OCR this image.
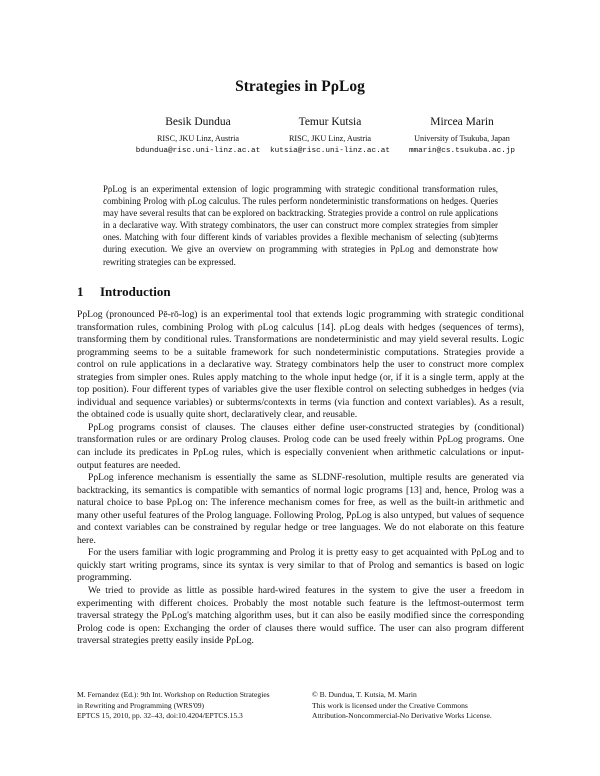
Strategies in PρLog
Besik Dundua
RISC, JKU Linz, Austria
bdundua@risc.uni-linz.ac.at
Temur Kutsia
RISC, JKU Linz, Austria
kutsia@risc.uni-linz.ac.at
Mircea Marin
University of Tsukuba, Japan
mmarin@cs.tsukuba.ac.jp
PρLog is an experimental extension of logic programming with strategic conditional transformation rules, combining Prolog with ρLog calculus. The rules perform nondeterministic transformations on hedges. Queries may have several results that can be explored on backtracking. Strategies provide a control on rule applications in a declarative way. With strategy combinators, the user can construct more complex strategies from simpler ones. Matching with four different kinds of variables provides a flexible mechanism of selecting (sub)terms during execution. We give an overview on programming with strategies in PρLog and demonstrate how rewriting strategies can be expressed.
1 Introduction

PρLog (pronounced Pē-rō-log) is an experimental tool that extends logic programming with strategic conditional transformation rules, combining Prolog with ρLog calculus [14]. ρLog deals with hedges (sequences of terms), transforming them by conditional rules. Transformations are nondeterministic and may yield several results. Logic programming seems to be a suitable framework for such nondeterministic computations. Strategies provide a control on rule applications in a declarative way. Strategy combinators help the user to construct more complex strategies from simpler ones. Rules apply matching to the whole input hedge (or, if it is a single term, apply at the top position). Four different types of variables give the user flexible control on selecting subhedges in hedges (via individual and sequence variables) or subterms/contexts in terms (via function and context variables). As a result, the obtained code is usually quite short, declaratively clear, and reusable.

PρLog programs consist of clauses. The clauses either define user-constructed strategies by (conditional) transformation rules or are ordinary Prolog clauses. Prolog code can be used freely within PρLog programs. One can include its predicates in PρLog rules, which is especially convenient when arithmetic calculations or input-output features are needed.

PρLog inference mechanism is essentially the same as SLDNF-resolution, multiple results are generated via backtracking, its semantics is compatible with semantics of normal logic programs [13] and, hence, Prolog was a natural choice to base PρLog on: The inference mechanism comes for free, as well as the built-in arithmetic and many other useful features of the Prolog language. Following Prolog, PρLog is also untyped, but values of sequence and context variables can be constrained by regular hedge or tree languages. We do not elaborate on this feature here.

For the users familiar with logic programming and Prolog it is pretty easy to get acquainted with PρLog and to quickly start writing programs, since its syntax is very similar to that of Prolog and semantics is based on logic programming.

We tried to provide as little as possible hard-wired features in the system to give the user a freedom in experimenting with different choices. Probably the most notable such feature is the leftmost-outermost term traversal strategy the PρLog's matching algorithm uses, but it can also be easily modified since the corresponding Prolog code is open: Exchanging the order of clauses there would suffice. The user can also program different traversal strategies pretty easily inside PρLog.

M. Fernandez (Ed.): 9th Int. Workshop on Reduction Strategies
in Rewriting and Programming (WRS'09)
EPTCS 15, 2010, pp. 32–43, doi:10.4204/EPTCS.15.3
© B. Dundua, T. Kutsia, M. Marin
This work is licensed under the Creative Commons
Attribution-Noncommercial-No Derivative Works License.
